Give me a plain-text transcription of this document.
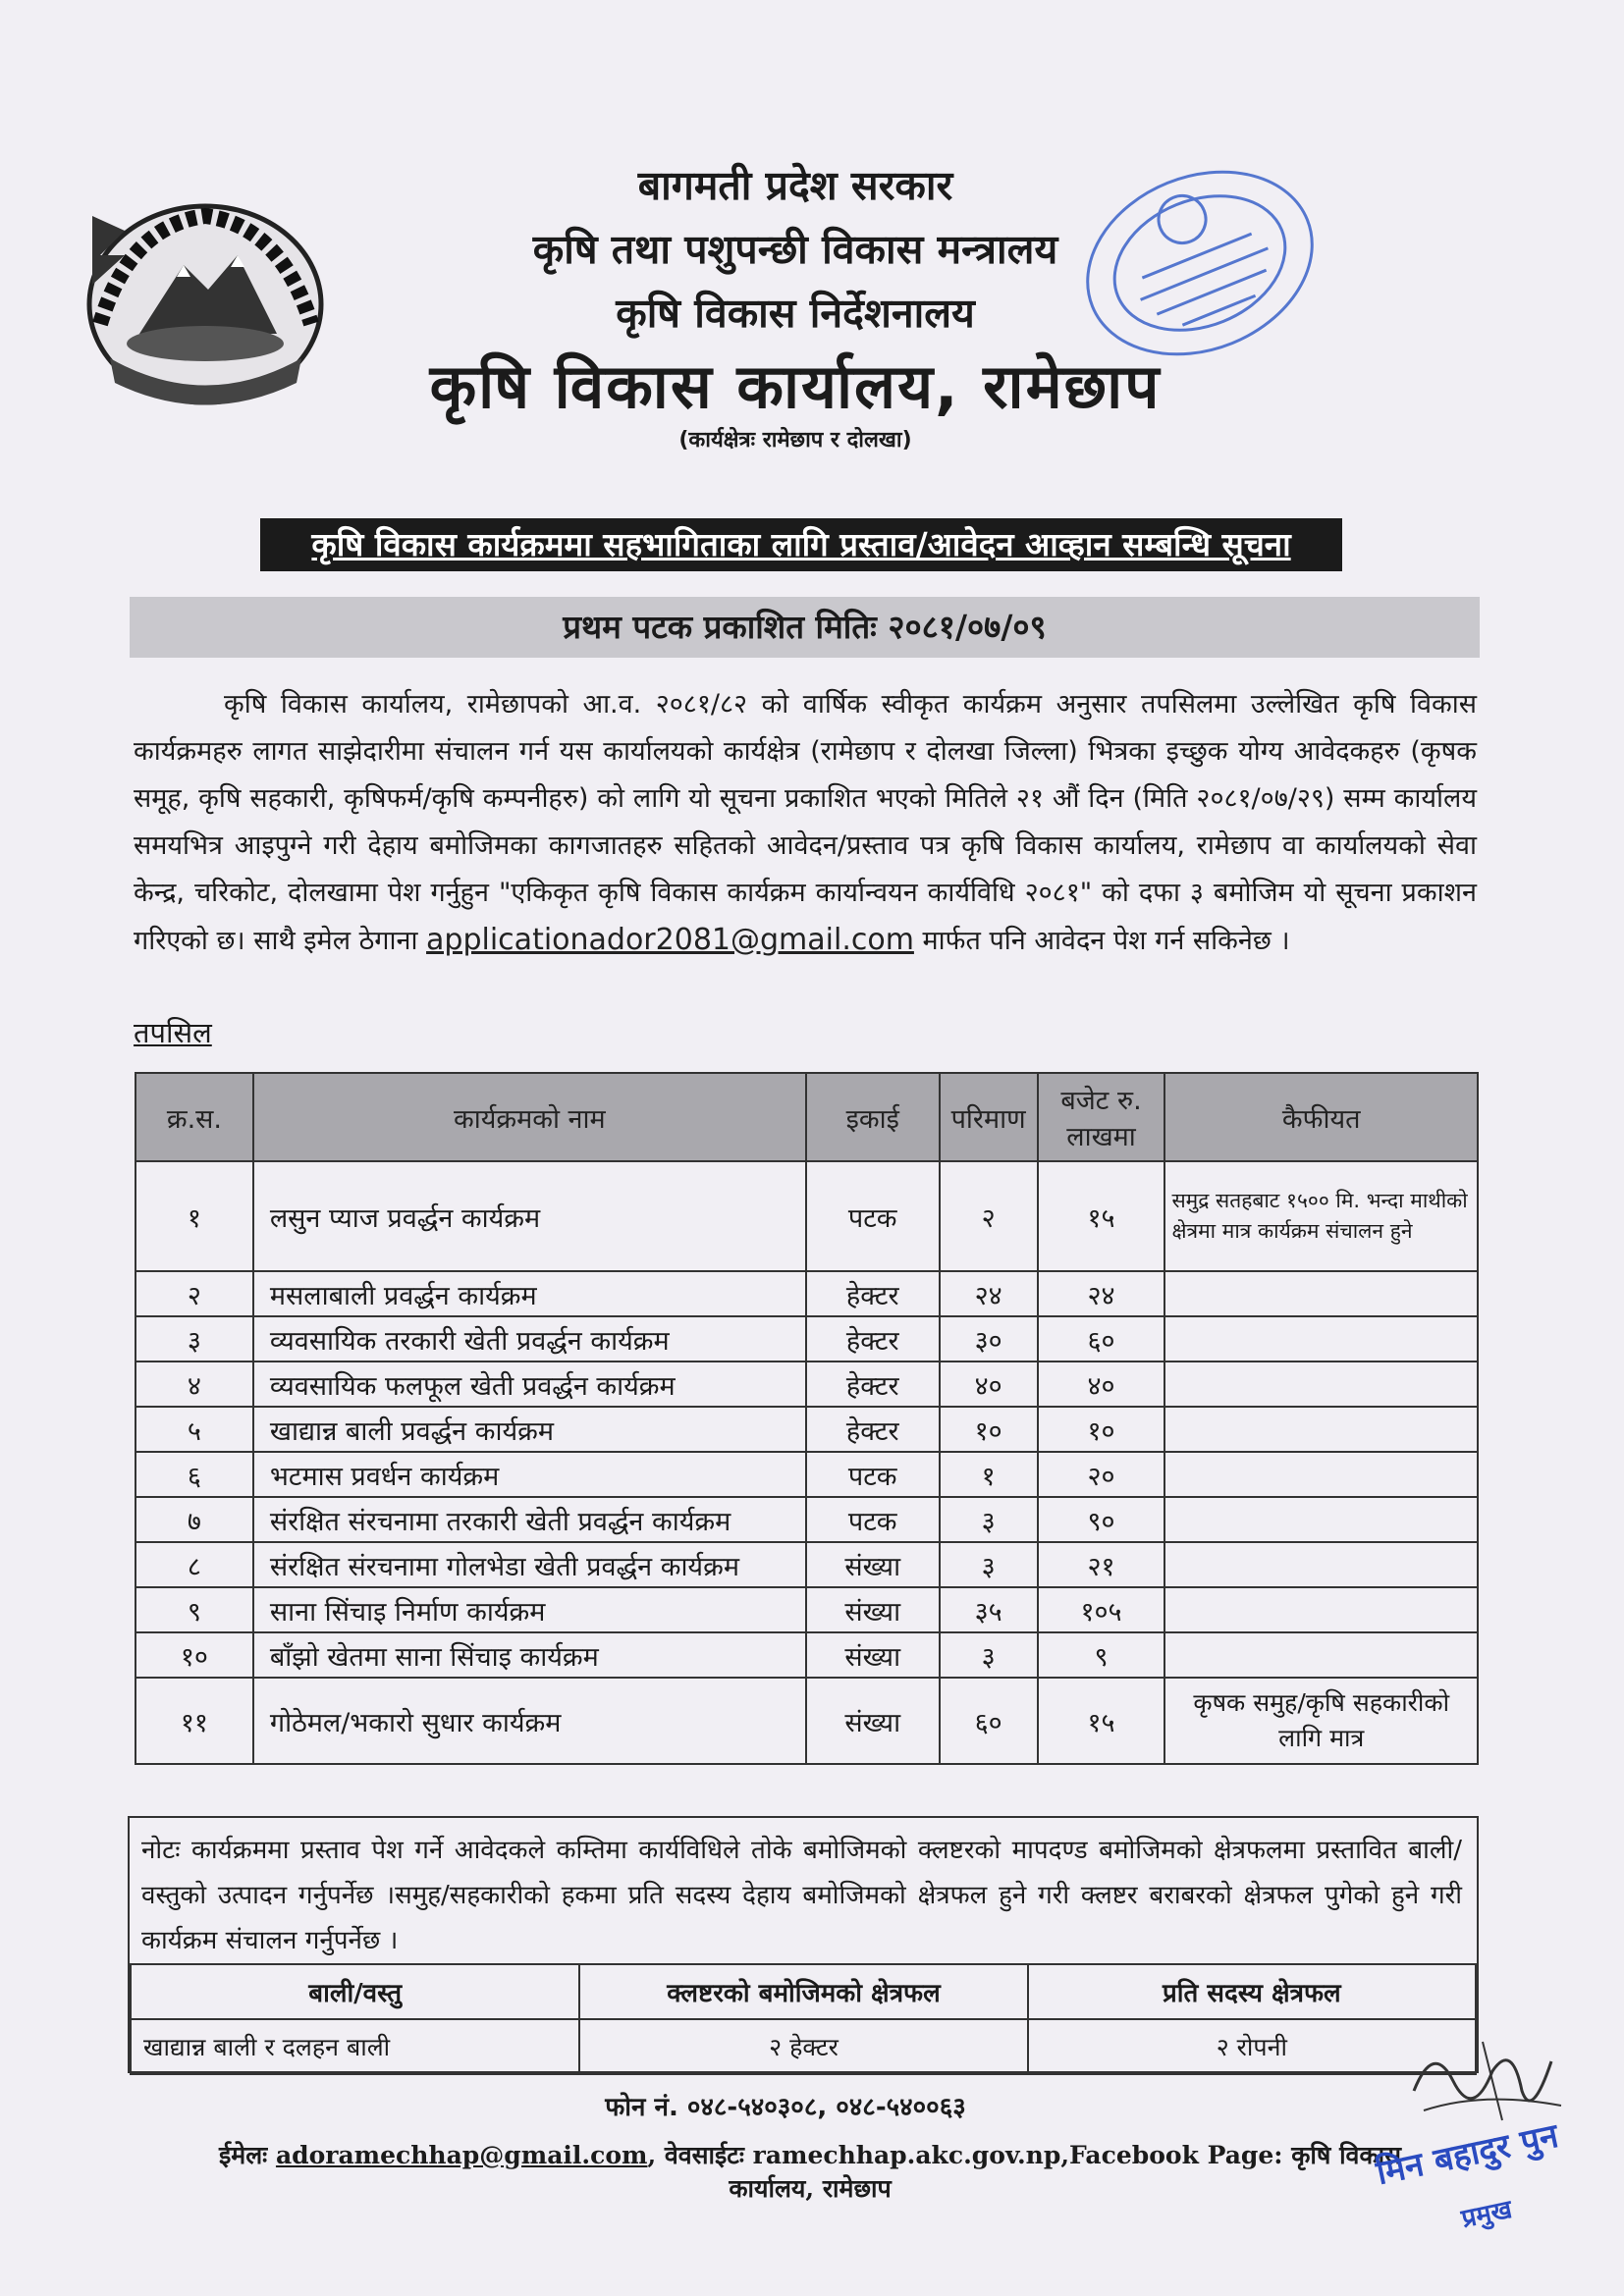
बागमती प्रदेश सरकार
कृषि तथा पशुपन्छी विकास मन्त्रालय
कृषि विकास निर्देशनालय
कृषि विकास कार्यालय, रामेछाप
(कार्यक्षेत्रः रामेछाप र दोलखा)
कृषि विकास कार्यक्रममा सहभागिताका लागि प्रस्ताव/आवेदन आव्हान सम्बन्धि सूचना
प्रथम पटक प्रकाशित मितिः २०८१/०७/०९
कृषि विकास कार्यालय, रामेछापको आ.व. २०८१/८२ को वार्षिक स्वीकृत कार्यक्रम अनुसार तपसिलमा उल्लेखित कृषि विकास कार्यक्रमहरु लागत साझेदारीमा संचालन गर्न यस कार्यालयको कार्यक्षेत्र (रामेछाप र दोलखा जिल्ला) भित्रका इच्छुक योग्य आवेदकहरु (कृषक समूह, कृषि सहकारी, कृषिफर्म/कृषि कम्पनीहरु) को लागि यो सूचना प्रकाशित भएको मितिले २१ औं दिन (मिति २०८१/०७/२९) सम्म कार्यालय समयभित्र आइपुग्ने गरी देहाय बमोजिमका कागजातहरु सहितको आवेदन/प्रस्ताव पत्र कृषि विकास कार्यालय, रामेछाप वा कार्यालयको सेवा केन्द्र, चरिकोट, दोलखामा पेश गर्नुहुन "एकिकृत कृषि विकास कार्यक्रम कार्यान्वयन कार्यविधि २०८१" को दफा ३ बमोजिम यो सूचना प्रकाशन गरिएको छ। साथै इमेल ठेगाना applicationador2081@gmail.com मार्फत पनि आवेदन पेश गर्न सकिनेछ ।
तपसिल
क्र.स.	कार्यक्रमको नाम	इकाई	परिमाण	बजेट रु. लाखमा	कैफीयत
१	लसुन प्याज प्रवर्द्धन कार्यक्रम	पटक	२	१५	समुद्र सतहबाट १५०० मि. भन्दा माथीको क्षेत्रमा मात्र कार्यक्रम संचालन हुने
२	मसलाबाली प्रवर्द्धन कार्यक्रम	हेक्टर	२४	२४	
३	व्यवसायिक तरकारी खेती प्रवर्द्धन कार्यक्रम	हेक्टर	३०	६०	
४	व्यवसायिक फलफूल खेती प्रवर्द्धन कार्यक्रम	हेक्टर	४०	४०	
५	खाद्यान्न बाली प्रवर्द्धन कार्यक्रम	हेक्टर	१०	१०	
६	भटमास प्रवर्धन कार्यक्रम	पटक	१	२०	
७	संरक्षित संरचनामा तरकारी खेती प्रवर्द्धन कार्यक्रम	पटक	३	९०	
८	संरक्षित संरचनामा गोलभेडा खेती प्रवर्द्धन कार्यक्रम	संख्या	३	२१	
९	साना सिंचाइ निर्माण कार्यक्रम	संख्या	३५	१०५	
१०	बाँझो खेतमा साना सिंचाइ कार्यक्रम	संख्या	३	९	
११	गोठेमल/भकारो सुधार कार्यक्रम	संख्या	६०	१५	कृषक समुह/कृषि सहकारीको लागि मात्र
नोटः कार्यक्रममा प्रस्ताव पेश गर्ने आवेदकले कम्तिमा कार्यविधिले तोके बमोजिमको क्लष्टरको मापदण्ड बमोजिमको क्षेत्रफलमा प्रस्तावित बाली/वस्तुको उत्पादन गर्नुपर्नेछ ।समुह/सहकारीको हकमा प्रति सदस्य देहाय बमोजिमको क्षेत्रफल हुने गरी क्लष्टर बराबरको क्षेत्रफल पुगेको हुने गरी कार्यक्रम संचालन गर्नुपर्नेछ ।
बाली/वस्तु	क्लष्टरको बमोजिमको क्षेत्रफल	प्रति सदस्य क्षेत्रफल
खाद्यान्न बाली र दलहन बाली	२ हेक्टर	२ रोपनी
फोन नं. ०४८-५४०३०८, ०४८-५४००६३
ईमेलः adoramechhap@gmail.com, वेवसाईटः ramechhap.akc.gov.np,Facebook Page: कृषि विकास कार्यालय, रामेछाप	मिन बहादुर पुन
प्रमुख
